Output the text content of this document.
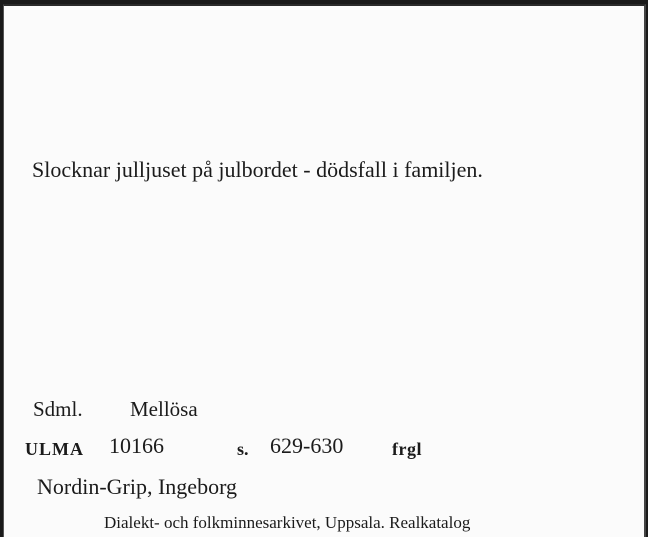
Slocknar julljuset på julbordet - dödsfall i familjen.
Sdml. Mellösa
ULMA 10166	s. 629-630	frgl
Nordin-Grip, Ingeborg
Dialekt- och folkminnesarkivet, Uppsala. Realkatalog
